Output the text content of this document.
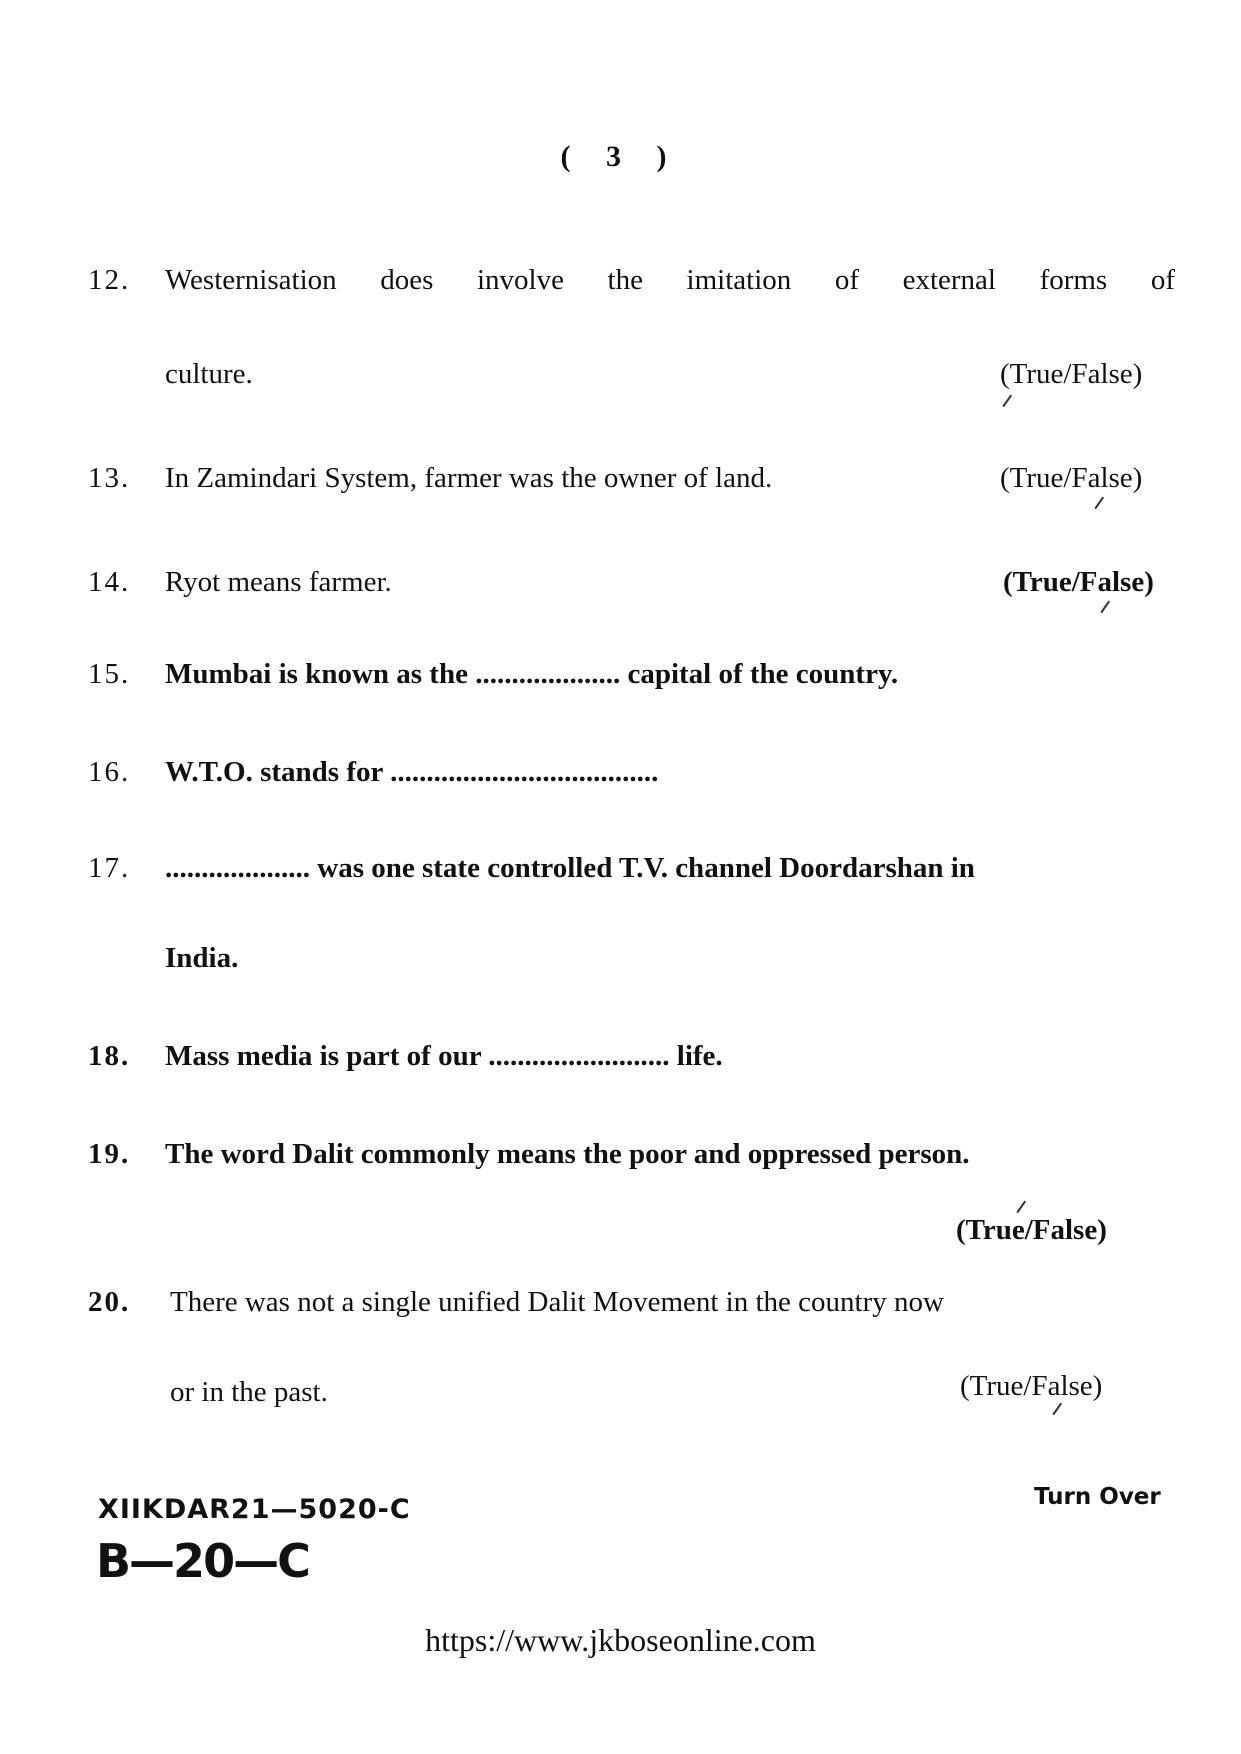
( 3 )
12. Westernisation does involve the imitation of external forms of
culture.	(True/False)
13. In Zamindari System, farmer was the owner of land.	(True/False)
14. Ryot means farmer.	(True/False)
15. Mumbai is known as the .................... capital of the country.
16. W.T.O. stands for .....................................
17. .................... was one state controlled T.V. channel Doordarshan in
India.
18. Mass media is part of our ......................... life.
19. The word Dalit commonly means the poor and oppressed person.
(True/False)
20. There was not a single unified Dalit Movement in the country now
or in the past.	(True/False)
XIIKDAR21—5020-C
B—20—C
Turn Over
https://www.jkboseonline.com
